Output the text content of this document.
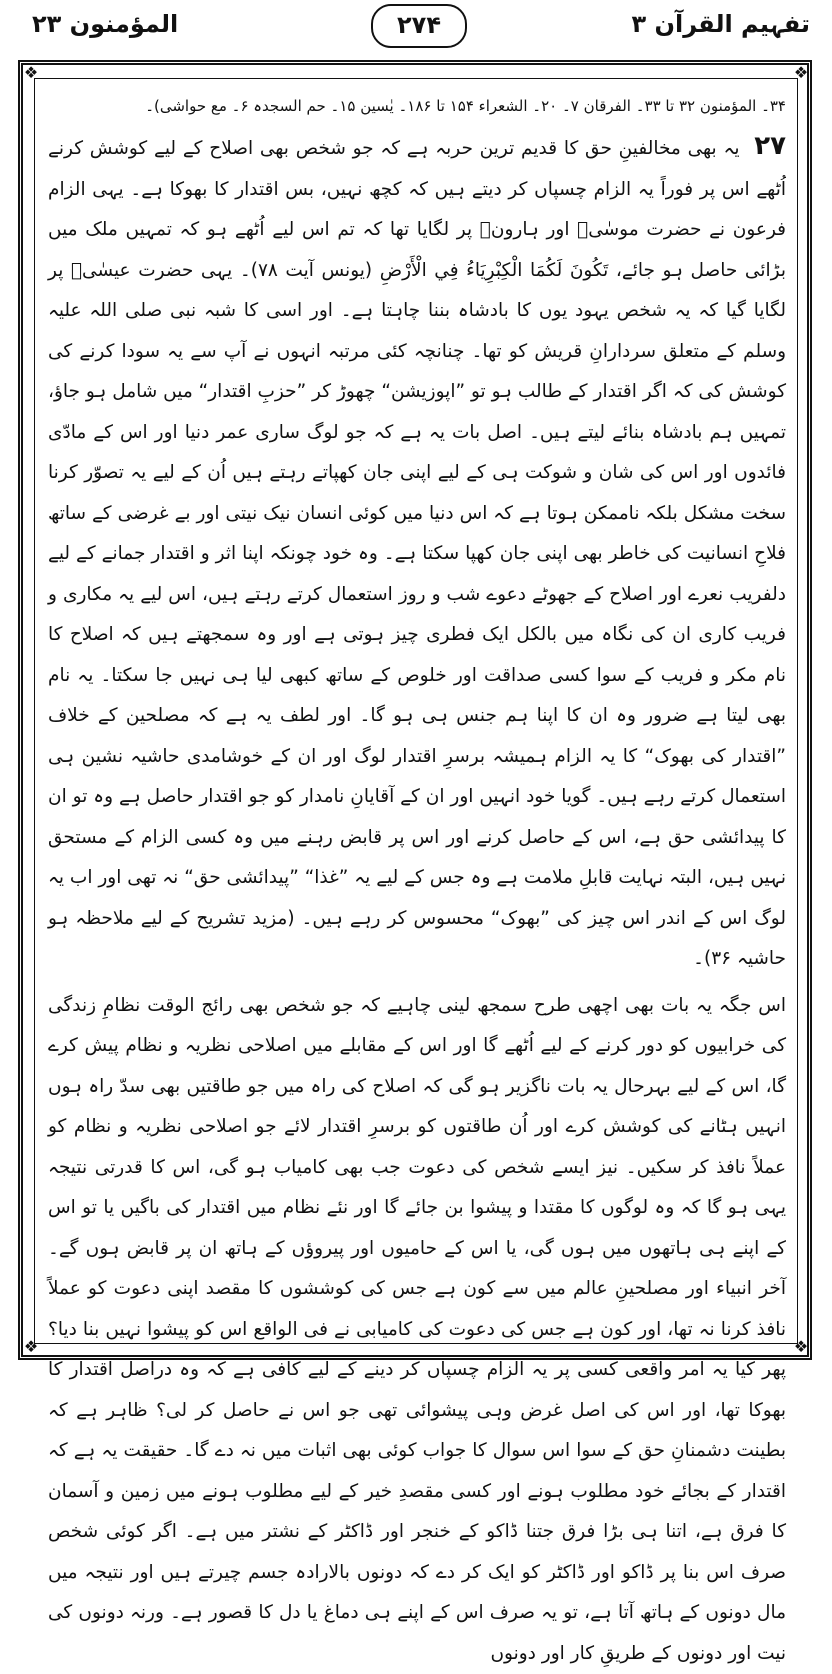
تفہیم القرآن ۳
۲۷۴
المؤمنون ۲۳
❖	❖
❖	❖

۳۴۔ المؤمنون ۳۲ تا ۳۳۔ الفرقان ۷۔ ۲۰۔ الشعراء ۱۵۴ تا ۱۸۶۔ یٰسین ۱۵۔ حم السجدہ ۶۔ مع حواشی)۔

۲۷ یہ بھی مخالفینِ حق کا قدیم ترین حربہ ہے کہ جو شخص بھی اصلاح کے لیے کوشش کرنے اُٹھے اس پر فوراً یہ الزام چسپاں کر دیتے ہیں کہ کچھ نہیں، بس اقتدار کا بھوکا ہے۔ یہی الزام فرعون نے حضرت موسٰیؑ اور ہارونؑ پر لگایا تھا کہ تم اس لیے اُٹھے ہو کہ تمہیں ملک میں بڑائی حاصل ہو جائے، تَكُونَ لَكُمَا الْكِبْرِيَاءُ فِي الْأَرْضِ (یونس آیت ۷۸)۔ یہی حضرت عیسٰیؑ پر لگایا گیا کہ یہ شخص یہود یوں کا بادشاہ بننا چاہتا ہے۔ اور اسی کا شبہ نبی صلی اللہ علیہ وسلم کے متعلق سردارانِ قریش کو تھا۔ چنانچہ کئی مرتبہ انہوں نے آپ سے یہ سودا کرنے کی کوشش کی کہ اگر اقتدار کے طالب ہو تو ”اپوزیشن“ چھوڑ کر ”حزبِ اقتدار“ میں شامل ہو جاؤ، تمہیں ہم بادشاہ بنائے لیتے ہیں۔ اصل بات یہ ہے کہ جو لوگ ساری عمر دنیا اور اس کے مادّی فائدوں اور اس کی شان و شوکت ہی کے لیے اپنی جان کھپاتے رہتے ہیں اُن کے لیے یہ تصوّر کرنا سخت مشکل بلکہ ناممکن ہوتا ہے کہ اس دنیا میں کوئی انسان نیک نیتی اور بے غرضی کے ساتھ فلاحِ انسانیت کی خاطر بھی اپنی جان کھپا سکتا ہے۔ وہ خود چونکہ اپنا اثر و اقتدار جمانے کے لیے دلفریب نعرے اور اصلاح کے جھوٹے دعوے شب و روز استعمال کرتے رہتے ہیں، اس لیے یہ مکاری و فریب کاری ان کی نگاہ میں بالکل ایک فطری چیز ہوتی ہے اور وہ سمجھتے ہیں کہ اصلاح کا نام مکر و فریب کے سوا کسی صداقت اور خلوص کے ساتھ کبھی لیا ہی نہیں جا سکتا۔ یہ نام بھی لیتا ہے ضرور وہ ان کا اپنا ہم جنس ہی ہو گا۔ اور لطف یہ ہے کہ مصلحین کے خلاف ”اقتدار کی بھوک“ کا یہ الزام ہمیشہ برسرِ اقتدار لوگ اور ان کے خوشامدی حاشیہ نشین ہی استعمال کرتے رہے ہیں۔ گویا خود انہیں اور ان کے آقایانِ نامدار کو جو اقتدار حاصل ہے وہ تو ان کا پیدائشی حق ہے، اس کے حاصل کرنے اور اس پر قابض رہنے میں وہ کسی الزام کے مستحق نہیں ہیں، البتہ نہایت قابلِ ملامت ہے وہ جس کے لیے یہ ”غذا“ ”پیدائشی حق“ نہ تھی اور اب یہ لوگ اس کے اندر اس چیز کی ”بھوک“ محسوس کر رہے ہیں۔ (مزید تشریح کے لیے ملاحظہ ہو حاشیہ ۳۶)۔

اس جگہ یہ بات بھی اچھی طرح سمجھ لینی چاہیے کہ جو شخص بھی رائج الوقت نظامِ زندگی کی خرابیوں کو دور کرنے کے لیے اُٹھے گا اور اس کے مقابلے میں اصلاحی نظریہ و نظام پیش کرے گا، اس کے لیے بہرحال یہ بات ناگزیر ہو گی کہ اصلاح کی راہ میں جو طاقتیں بھی سدّ راہ ہوں انہیں ہٹانے کی کوشش کرے اور اُن طاقتوں کو برسرِ اقتدار لائے جو اصلاحی نظریہ و نظام کو عملاً نافذ کر سکیں۔ نیز ایسے شخص کی دعوت جب بھی کامیاب ہو گی، اس کا قدرتی نتیجہ یہی ہو گا کہ وہ لوگوں کا مقتدا و پیشوا بن جائے گا اور نئے نظام میں اقتدار کی باگیں یا تو اس کے اپنے ہی ہاتھوں میں ہوں گی، یا اس کے حامیوں اور پیروؤں کے ہاتھ ان پر قابض ہوں گے۔ آخر انبیاء اور مصلحینِ عالم میں سے کون ہے جس کی کوششوں کا مقصد اپنی دعوت کو عملاً نافذ کرنا نہ تھا، اور کون ہے جس کی دعوت کی کامیابی نے فی الواقع اس کو پیشوا نہیں بنا دیا؟ پھر کیا یہ امر واقعی کسی پر یہ الزام چسپاں کر دینے کے لیے کافی ہے کہ وہ دراصل اقتدار کا بھوکا تھا، اور اس کی اصل غرض وہی پیشوائی تھی جو اس نے حاصل کر لی؟ ظاہر ہے کہ بطینت دشمنانِ حق کے سوا اس سوال کا جواب کوئی بھی اثبات میں نہ دے گا۔ حقیقت یہ ہے کہ اقتدار کے بجائے خود مطلوب ہونے اور کسی مقصدِ خیر کے لیے مطلوب ہونے میں زمین و آسمان کا فرق ہے، اتنا ہی بڑا فرق جتنا ڈاکو کے خنجر اور ڈاکٹر کے نشتر میں ہے۔ اگر کوئی شخص صرف اس بنا پر ڈاکو اور ڈاکٹر کو ایک کر دے کہ دونوں بالارادہ جسم چیرتے ہیں اور نتیجہ میں مال دونوں کے ہاتھ آتا ہے، تو یہ صرف اس کے اپنے ہی دماغ یا دل کا قصور ہے۔ ورنہ دونوں کی نیت اور دونوں کے طریقِ کار اور دونوں
